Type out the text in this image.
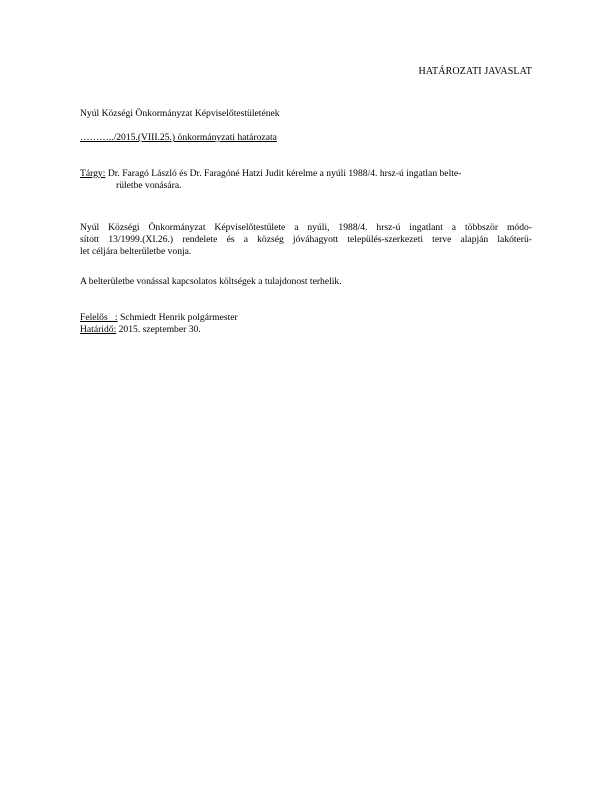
HATÁROZATI JAVASLAT
Nyúl Községi Önkormányzat Képviselőtestületének
………../2015.(VIII.25.) önkormányzati határozata
Tárgy: Dr. Faragó László és Dr. Faragóné Hatzi Judit kérelme a nyúli 1988/4. hrsz-ú ingatlan belte-
rületbe vonására.
Nyúl Községi Önkormányzat Képviselőtestülete a nyúli, 1988/4. hrsz-ú ingatlant a többször módo-
sított 13/1999.(XI.26.) rendelete és a község jóváhagyott település-szerkezeti terve alapján lakóterü-
let céljára belterületbe vonja.
A belterületbe vonással kapcsolatos költségek a tulajdonost terhelik.
Felelős   : Schmiedt Henrik polgármester
Határidő: 2015. szeptember 30.
